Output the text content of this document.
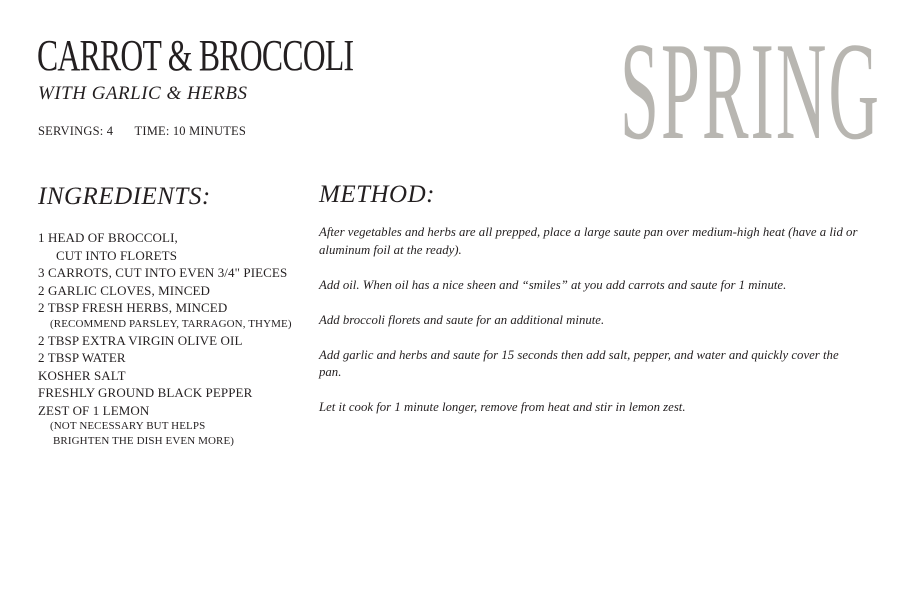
CARROT & BROCCOLI
WITH GARLIC & HERBS
SERVINGS: 4 TIME: 10 MINUTES	SPRING
INGREDIENTS:
1 HEAD OF BROCCOLI,
CUT INTO FLORETS
3 CARROTS, CUT INTO EVEN 3/4" PIECES
2 GARLIC CLOVES, MINCED
2 TBSP FRESH HERBS, MINCED
(RECOMMEND PARSLEY, TARRAGON, THYME)
2 TBSP EXTRA VIRGIN OLIVE OIL
2 TBSP WATER
KOSHER SALT
FRESHLY GROUND BLACK PEPPER
ZEST OF 1 LEMON
(NOT NECESSARY BUT HELPS
BRIGHTEN THE DISH EVEN MORE)
METHOD:

After vegetables and herbs are all prepped, place a large saute pan over medium-high heat (have a lid or aluminum foil at the ready).

Add oil. When oil has a nice sheen and “smiles” at you add carrots and saute for 1 minute.

Add broccoli florets and saute for an additional minute.

Add garlic and herbs and saute for 15 seconds then add salt, pepper, and water and quickly cover the pan.

Let it cook for 1 minute longer, remove from heat and stir in lemon zest.
